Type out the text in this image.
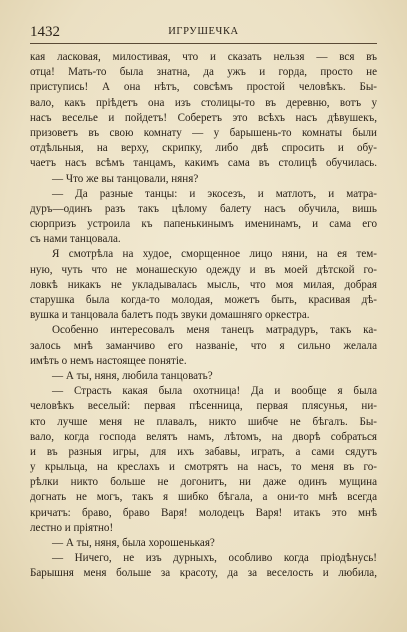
1432	ИГРУШЕЧКА
кая ласковая, милостивая, что и сказать нельзя — вся въ
отца! Мать-то была знатна, да ужъ и горда, просто не
приступись! А она нѣтъ, совсѣмъ простой человѣкъ. Бы-
вало, какъ пріѣдетъ она изъ столицы-то въ деревню, вотъ у
насъ веселье и пойдетъ! Соберетъ это всѣхъ насъ дѣвушекъ,
призоветъ въ свою комнату — у барышень-то комнаты были
отдѣльныя, на верху, скрипку, либо двѣ спросить и обу-
чаетъ насъ всѣмъ танцамъ, какимъ сама въ столицѣ обучилась.
— Что же вы танцовали, няня?
— Да разные танцы: и экосезъ, и матлотъ, и матра-
дуръ—одинъ разъ такъ цѣлому балету насъ обучила, вишь
сюрпризъ устроила къ папенькинымъ именинамъ, и сама его
съ нами танцовала.
Я смотрѣла на худое, сморщенное лицо няни, на ея тем-
ную, чуть что не монашескую одежду и въ моей дѣтской го-
ловкѣ никакъ не укладывалась мысль, что моя милая, добрая
старушка была когда-то молодая, можетъ быть, красивая дѣ-
вушка и танцовала балетъ подъ звуки домашняго оркестра.
Особенно интересовалъ меня танецъ матрадуръ, такъ ка-
залось мнѣ заманчиво его названіе, что я сильно желала
имѣть о немъ настоящее понятіе.
— А ты, няня, любила танцовать?
— Страсть какая была охотница! Да и вообще я была
человѣкъ веселый: первая пѣсенница, первая плясунья, ни-
кто лучше меня не плавалъ, никто шибче не бѣгалъ. Бы-
вало, когда господа велятъ намъ, лѣтомъ, на дворѣ собраться
и въ разныя игры, для ихъ забавы, играть, а сами сядутъ
у крыльца, на креслахъ и смотрятъ на насъ, то меня въ го-
рѣлки никто больше не догонитъ, ни даже одинъ мущина
догнать не могъ, такъ я шибко бѣгала, а они-то мнѣ всегда
кричатъ: браво, браво Варя! молодецъ Варя! итакъ это мнѣ
лестно и пріятно!
— А ты, няня, была хорошенькая?
— Ничего, не изъ дурныхъ, особливо когда пріодѣнусь!
Барышня меня больше за красоту, да за веселость и любила,
